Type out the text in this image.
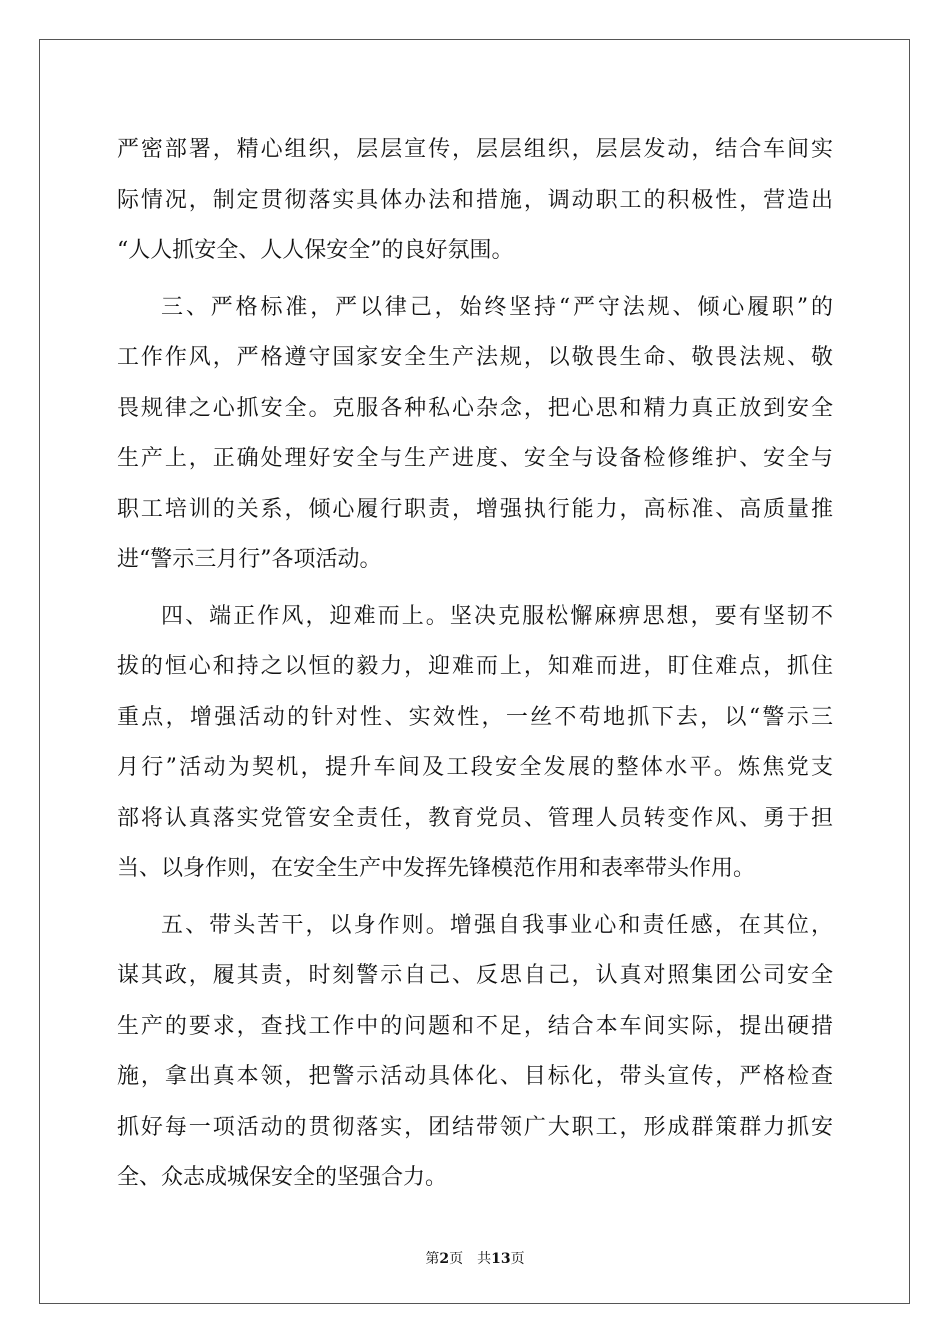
严密部署，精心组织，层层宣传，层层组织，层层发动，结合车间实
际情况，制定贯彻落实具体办法和措施，调动职工的积极性，营造出
“人人抓安全、人人保安全”的良好氛围。
三、严格标准，严以律己，始终坚持“严守法规、倾心履职”的
工作作风，严格遵守国家安全生产法规，以敬畏生命、敬畏法规、敬
畏规律之心抓安全。克服各种私心杂念，把心思和精力真正放到安全
生产上，正确处理好安全与生产进度、安全与设备检修维护、安全与
职工培训的关系，倾心履行职责，增强执行能力，高标准、高质量推
进“警示三月行”各项活动。
四、端正作风，迎难而上。坚决克服松懈麻痹思想，要有坚韧不
拔的恒心和持之以恒的毅力，迎难而上，知难而进，盯住难点，抓住
重点，增强活动的针对性、实效性，一丝不苟地抓下去，以“警示三
月行”活动为契机，提升车间及工段安全发展的整体水平。炼焦党支
部将认真落实党管安全责任，教育党员、管理人员转变作风、勇于担
当、以身作则，在安全生产中发挥先锋模范作用和表率带头作用。
五、带头苦干，以身作则。增强自我事业心和责任感，在其位，
谋其政，履其责，时刻警示自己、反思自己，认真对照集团公司安全
生产的要求，查找工作中的问题和不足，结合本车间实际，提出硬措
施，拿出真本领，把警示活动具体化、目标化，带头宣传，严格检查
抓好每一项活动的贯彻落实，团结带领广大职工，形成群策群力抓安
全、众志成城保安全的坚强合力。
第2页 共13页
